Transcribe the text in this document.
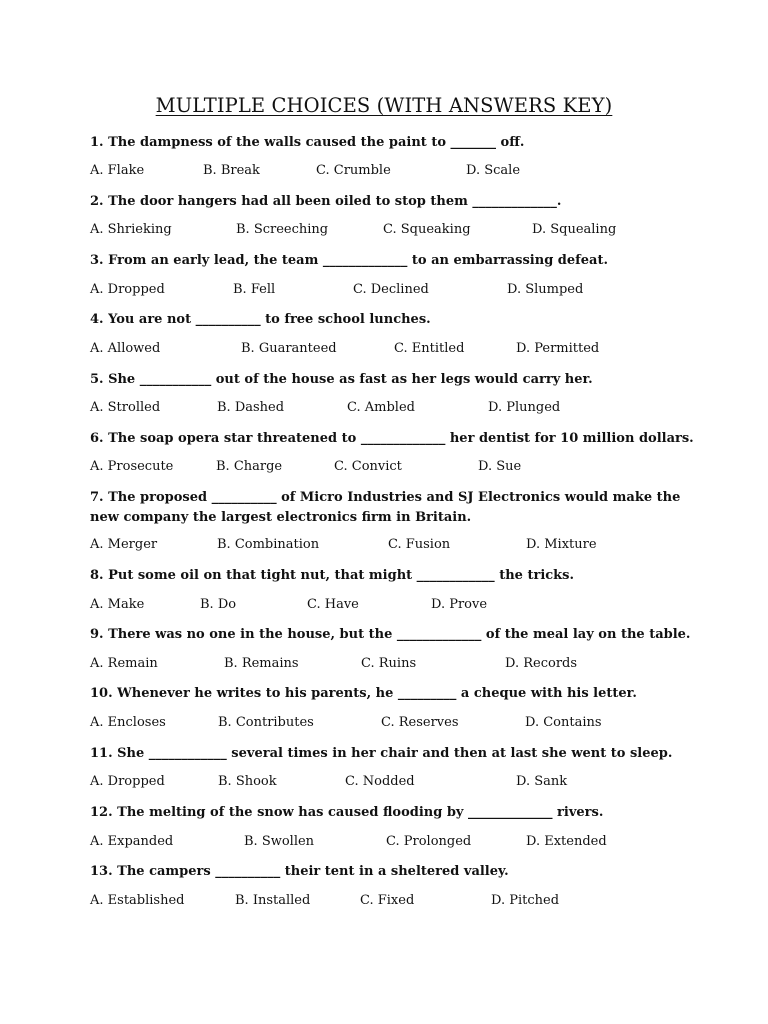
MULTIPLE CHOICES (WITH ANSWERS KEY)
1. The dampness of the walls caused the paint to _______ off.
A. Flake	B. Break	C. Crumble	D. Scale
2. The door hangers had all been oiled to stop them _____________.
A. Shrieking	B. Screeching	C. Squeaking	D. Squealing
3. From an early lead, the team _____________ to an embarrassing defeat.
A. Dropped	B. Fell	C. Declined	D. Slumped
4. You are not __________ to free school lunches.
A. Allowed	B. Guaranteed	C. Entitled	D. Permitted
5. She ___________ out of the house as fast as her legs would carry her.
A. Strolled	B. Dashed	C. Ambled	D. Plunged
6. The soap opera star threatened to _____________ her dentist for 10 million dollars.
A. Prosecute	B. Charge	C. Convict	D. Sue
7. The proposed __________ of Micro Industries and SJ Electronics would make the new company the largest electronics firm in Britain.
A. Merger	B. Combination	C. Fusion	D. Mixture
8. Put some oil on that tight nut, that might ____________ the tricks.
A. Make	B. Do	C. Have	D. Prove
9. There was no one in the house, but the _____________ of the meal lay on the table.
A. Remain	B. Remains	C. Ruins	D. Records
10. Whenever he writes to his parents, he _________ a cheque with his letter.
A. Encloses	B. Contributes	C. Reserves	D. Contains
11. She ____________ several times in her chair and then at last she went to sleep.
A. Dropped	B. Shook	C. Nodded	D. Sank
12. The melting of the snow has caused flooding by _____________ rivers.
A. Expanded	B. Swollen	C. Prolonged	D. Extended
13. The campers __________ their tent in a sheltered valley.
A. Established	B. Installed	C. Fixed	D. Pitched
